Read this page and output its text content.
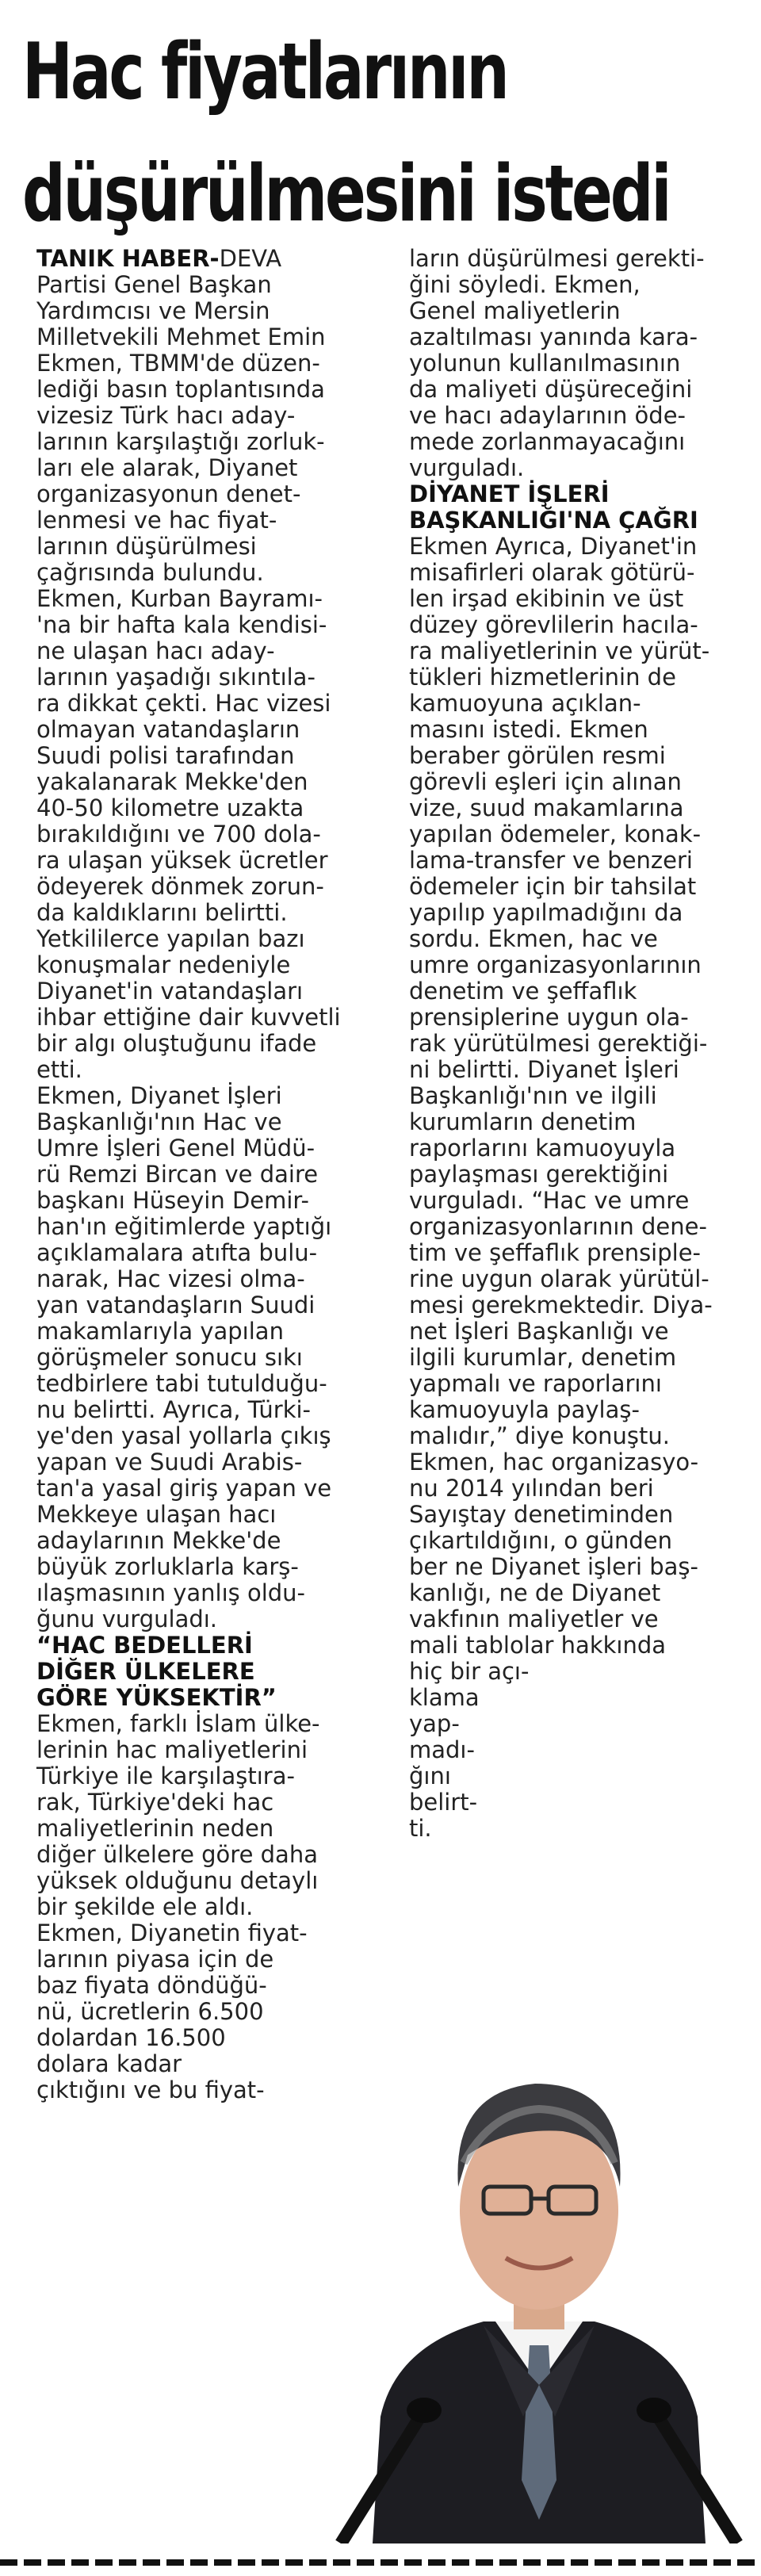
Hac fiyatlarının
düşürülmesini istedi

TANIK HABER-DEVA
Partisi Genel Başkan
Yardımcısı ve Mersin
Milletvekili Mehmet Emin
Ekmen, TBMM'de düzen-
lediği basın toplantısında
vizesiz Türk hacı aday-
larının karşılaştığı zorluk-
ları ele alarak, Diyanet
organizasyonun denet-
lenmesi ve hac fiyat-
larının düşürülmesi
çağrısında bulundu.

Ekmen, Kurban Bayramı-
'na bir hafta kala kendisi-
ne ulaşan hacı aday-
larının yaşadığı sıkıntıla-
ra dikkat çekti. Hac vizesi
olmayan vatandaşların
Suudi polisi tarafından
yakalanarak Mekke'den
40-50 kilometre uzakta
bırakıldığını ve 700 dola-
ra ulaşan yüksek ücretler
ödeyerek dönmek zorun-
da kaldıklarını belirtti.

Yetkililerce yapılan bazı
konuşmalar nedeniyle
Diyanet'in vatandaşları
ihbar ettiğine dair kuvvetli
bir algı oluştuğunu ifade
etti.

Ekmen, Diyanet İşleri
Başkanlığı'nın Hac ve
Umre İşleri Genel Müdü-
rü Remzi Bircan ve daire
başkanı Hüseyin Demir-
han'ın eğitimlerde yaptığı
açıklamalara atıfta bulu-
narak, Hac vizesi olma-
yan vatandaşların Suudi
makamlarıyla yapılan
görüşmeler sonucu sıkı
tedbirlere tabi tutulduğu-
nu belirtti. Ayrıca, Türki-
ye'den yasal yollarla çıkış
yapan ve Suudi Arabis-
tan'a yasal giriş yapan ve
Mekkeye ulaşan hacı
adaylarının Mekke'de
büyük zorluklarla karş-
ılaşmasının yanlış oldu-
ğunu vurguladı.

“HAC BEDELLERİ
DİĞER ÜLKELERE
GÖRE YÜKSEKTİR”

Ekmen, farklı İslam ülke-
lerinin hac maliyetlerini
Türkiye ile karşılaştıra-
rak, Türkiye'deki hac
maliyetlerinin neden
diğer ülkelere göre daha
yüksek olduğunu detaylı
bir şekilde ele aldı.

Ekmen, Diyanetin fiyat-
larının piyasa için de
baz fiyata döndüğü-
nü, ücretlerin 6.500
dolardan 16.500
dolara kadar
çıktığını ve bu fiyat-

ların düşürülmesi gerekti-
ğini söyledi. Ekmen,
Genel maliyetlerin
azaltılması yanında kara-
yolunun kullanılmasının
da maliyeti düşüreceğini
ve hacı adaylarının öde-
mede zorlanmayacağını
vurguladı.

DİYANET İŞLERİ
BAŞKANLIĞI'NA ÇAĞRI

Ekmen Ayrıca, Diyanet'in
misafirleri olarak götürü-
len irşad ekibinin ve üst
düzey görevlilerin hacıla-
ra maliyetlerinin ve yürüt-
tükleri hizmetlerinin de
kamuoyuna açıklan-
masını istedi. Ekmen
beraber görülen resmi
görevli eşleri için alınan
vize, suud makamlarına
yapılan ödemeler, konak-
lama-transfer ve benzeri
ödemeler için bir tahsilat
yapılıp yapılmadığını da
sordu. Ekmen, hac ve
umre organizasyonlarının
denetim ve şeffaflık
prensiplerine uygun ola-
rak yürütülmesi gerektiği-
ni belirtti. Diyanet İşleri
Başkanlığı'nın ve ilgili
kurumların denetim
raporlarını kamuoyuyla
paylaşması gerektiğini
vurguladı. “Hac ve umre
organizasyonlarının dene-
tim ve şeffaflık prensiple-
rine uygun olarak yürütül-
mesi gerekmektedir. Diya-
net İşleri Başkanlığı ve
ilgili kurumlar, denetim
yapmalı ve raporlarını
kamuoyuyla paylaş-
malıdır,” diye konuştu.

Ekmen, hac organizasyo-
nu 2014 yılından beri
Sayıştay denetiminden
çıkartıldığını, o günden
ber ne Diyanet işleri baş-
kanlığı, ne de Diyanet
vakfının maliyetler ve
mali tablolar hakkında
hiç bir açı-
klama
yap-
madı-
ğını
belirt-
ti.
